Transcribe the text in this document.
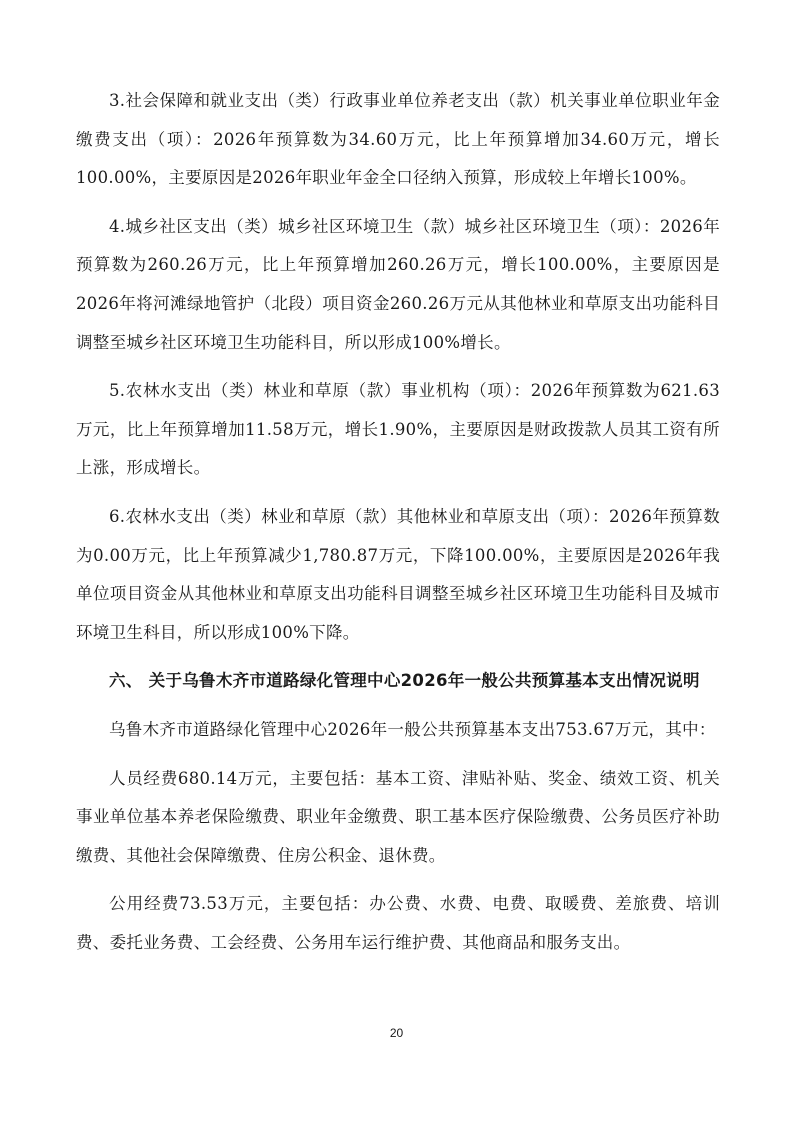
3.社会保障和就业支出（类）行政事业单位养老支出（款）机关事业单位职业年金缴费支出（项）：2026年预算数为34.60万元，比上年预算增加34.60万元，增长100.00%，主要原因是2026年职业年金全口径纳入预算，形成较上年增长100%。

4.城乡社区支出（类）城乡社区环境卫生（款）城乡社区环境卫生（项）：2026年预算数为260.26万元，比上年预算增加260.26万元，增长100.00%，主要原因是2026年将河滩绿地管护（北段）项目资金260.26万元从其他林业和草原支出功能科目调整至城乡社区环境卫生功能科目，所以形成100%增长。

5.农林水支出（类）林业和草原（款）事业机构（项）：2026年预算数为621.63万元，比上年预算增加11.58万元，增长1.90%，主要原因是财政拨款人员其工资有所上涨，形成增长。

6.农林水支出（类）林业和草原（款）其他林业和草原支出（项）：2026年预算数为0.00万元，比上年预算减少1,780.87万元，下降100.00%，主要原因是2026年我单位项目资金从其他林业和草原支出功能科目调整至城乡社区环境卫生功能科目及城市环境卫生科目，所以形成100%下降。

六、 关于乌鲁木齐市道路绿化管理中心2026年一般公共预算基本支出情况说明

乌鲁木齐市道路绿化管理中心2026年一般公共预算基本支出753.67万元，其中：

人员经费680.14万元，主要包括：基本工资、津贴补贴、奖金、绩效工资、机关事业单位基本养老保险缴费、职业年金缴费、职工基本医疗保险缴费、公务员医疗补助缴费、其他社会保障缴费、住房公积金、退休费。

公用经费73.53万元，主要包括：办公费、水费、电费、取暖费、差旅费、培训费、委托业务费、工会经费、公务用车运行维护费、其他商品和服务支出。

20
